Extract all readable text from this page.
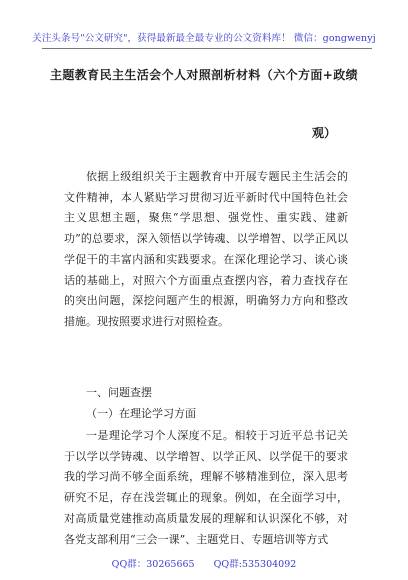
关注头条号"公文研究"，获得最新最全最专业的公文资料库！ 微信：gongwenyj
主题教育民主生活会个人对照剖析材料（六个方面+政绩
观）
依据上级组织关于主题教育中开展专题民主生活会的文件精神，本人紧贴学习贯彻习近平新时代中国特色社会主义思想主题，聚焦“学思想、强党性、重实践、建新功”的总要求，深入领悟以学铸魂、以学增智、以学正风以学促干的丰富内涵和实践要求。在深化理论学习、谈心谈话的基础上，对照六个方面重点查摆内容，着力查找存在的突出问题，深挖问题产生的根源，明确努力方向和整改措施。现按照要求进行对照检查。
一、问题查摆
（一）在理论学习方面
一是理论学习个人深度不足。相较于习近平总书记关于以学以学铸魂、以学增智、以学正风、以学促干的要求我的学习尚不够全面系统，理解不够精准到位，深入思考研究不足，存在浅尝辄止的现象。例如，在全面学习中，对高质量党建推动高质量发展的理解和认识深化不够，对各党支部利用“三会一课”、主题党日、专题培训等方式
QQ群：30265665 QQ群:535304092
